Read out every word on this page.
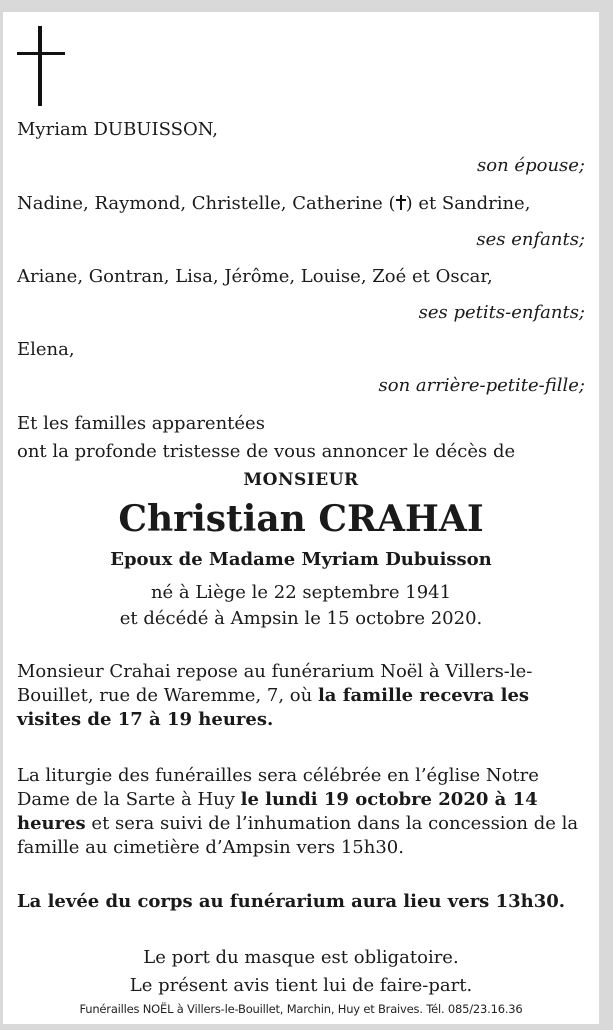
Myriam DUBUISSON,
son épouse;
Nadine, Raymond, Christelle, Catherine ( ) et Sandrine,
ses enfants;
Ariane, Gontran, Lisa, Jérôme, Louise, Zoé et Oscar,
ses petits-enfants;
Elena,
son arrière-petite-fille;
Et les familles apparentées
ont la profonde tristesse de vous annoncer le décès de
MONSIEUR
Christian CRAHAI
Epoux de Madame Myriam Dubuisson
né à Liège le 22 septembre 1941
et décédé à Ampsin le 15 octobre 2020.
Monsieur Crahai repose au funérarium Noël à Villers-le-Bouillet, rue de Waremme, 7, où la famille recevra les visites de 17 à 19 heures.
La liturgie des funérailles sera célébrée en l’église Notre Dame de la Sarte à Huy le lundi 19 octobre 2020 à 14 heures et sera suivi de l’inhumation dans la concession de la famille au cimetière d’Ampsin vers 15h30.
La levée du corps au funérarium aura lieu vers 13h30.
Le port du masque est obligatoire.
Le présent avis tient lui de faire-part.
Funérailles NOËL à Villers-le-Bouillet, Marchin, Huy et Braives. Tél. 085/23.16.36
